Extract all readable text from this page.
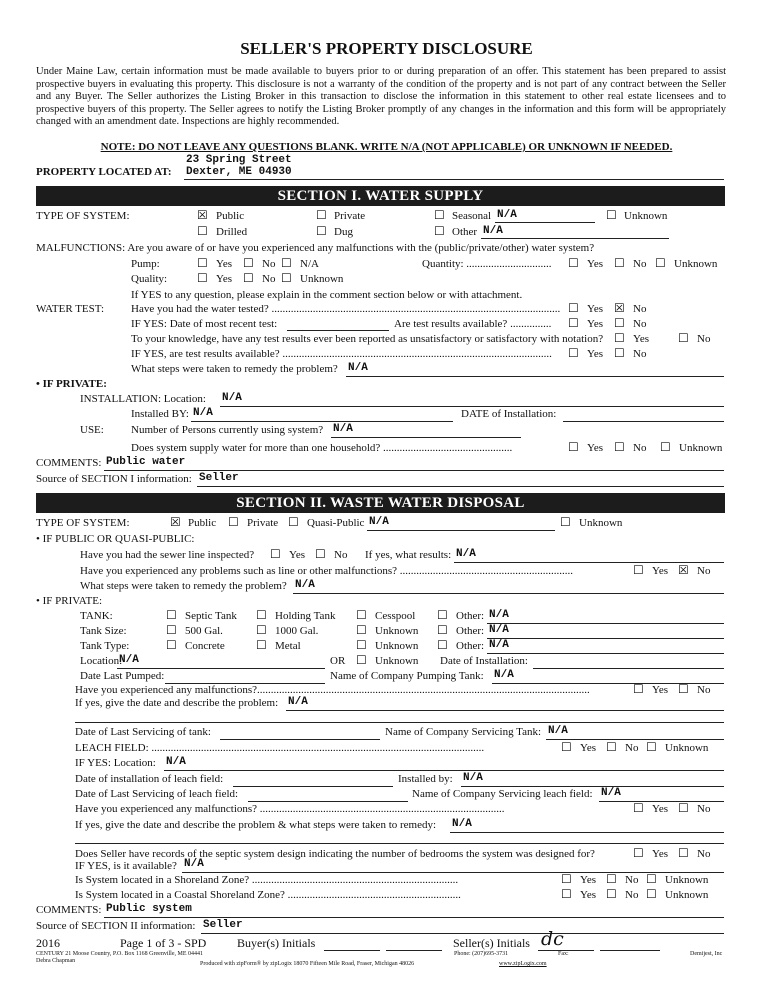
SELLER'S PROPERTY DISCLOSURE
Under Maine Law, certain information must be made available to buyers prior to or during preparation of an offer. This statement has been prepared to assist prospective buyers in evaluating this property. This disclosure is not a warranty of the condition of the property and is not part of any contract between the Seller and any Buyer. The Seller authorizes the Listing Broker in this transaction to disclose the information in this statement to other real estate licensees and to prospective buyers of this property. The Seller agrees to notify the Listing Broker promptly of any changes in the information and this form will be appropriately changed with an amendment date. Inspections are highly recommended.
NOTE: DO NOT LEAVE ANY QUESTIONS BLANK. WRITE N/A (NOT APPLICABLE) OR UNKNOWN IF NEEDED.
23 Spring Street
PROPERTY LOCATED AT: Dexter, ME 04930
SECTION I. WATER SUPPLY
TYPE OF SYSTEM:	☒ Public	☐ Private	☐ Seasonal N/A	☐ Unknown
☐ Drilled	☐ Dug	☐ Other N/A
MALFUNCTIONS: Are you aware of or have you experienced any malfunctions with the (public/private/other) water system?
Pump:	☐ Yes ☐ No ☐ N/A	Quantity: ............................... ☐ Yes ☐ No ☐ Unknown
Quality: ☐ Yes ☐ No ☐ Unknown
If YES to any question, please explain in the comment section below or with attachment.
WATER TEST: Have you had the water tested? ......................................................................................................... ☐ Yes ☒ No
IF YES: Date of most recent test:	Are test results available? ............... ☐ Yes ☐ No
To your knowledge, have any test results ever been reported as unsatisfactory or satisfactory with notation? ☐ Yes ☐ No
IF YES, are test results available? .................................................................................................. ☐ Yes ☐ No
What steps were taken to remedy the problem? N/A
• IF PRIVATE:
INSTALLATION: Location: N/A
Installed BY: N/A	DATE of Installation:
USE: Number of Persons currently using system? N/A
Does system supply water for more than one household? ...............................................	☐ Yes ☐ No ☐ Unknown
COMMENTS: Public water
Source of SECTION I information: Seller
SECTION II. WASTE WATER DISPOSAL
TYPE OF SYSTEM:	☒ Public ☐ Private ☐ Quasi-Public N/A	☐ Unknown
• IF PUBLIC OR QUASI-PUBLIC:
Have you had the sewer line inspected? ☐ Yes ☐ No If yes, what results: N/A
Have you experienced any problems such as line or other malfunctions? ...............................................................	☐ Yes ☒ No
What steps were taken to remedy the problem? N/A
• IF PRIVATE:
TANK:	☐ Septic Tank ☐ Holding Tank ☐ Cesspool ☐ Other: N/A
Tank Size:	☐ 500 Gal.	☐ 1000 Gal.	☐ Unknown ☐ Other: N/A
Tank Type:	☐ Concrete	☐ Metal	☐ Unknown ☐ Other: N/A
Location:
N/A	OR ☐ Unknown Date of Installation:
Date Last Pumped:	Name of Company Pumping Tank: N/A
Have you experienced any malfunctions?.........................................................................................................................	☐ Yes ☐ No
If yes, give the date and describe the problem: N/A
Date of Last Servicing of tank:	Name of Company Servicing Tank: N/A
LEACH FIELD: .........................................................................................................................	☐ Yes ☐ No ☐ Unknown
IF YES: Location: N/A
Date of installation of leach field:	Installed by: N/A
Date of Last Servicing of leach field:	Name of Company Servicing leach field: N/A
Have you experienced any malfunctions? .........................................................................................	☐ Yes ☐ No
If yes, give the date and describe the problem & what steps were taken to remedy: N/A
Does Seller have records of the septic system design indicating the number of bedrooms the system was designed for?	☐ Yes ☐ No
IF YES, is it available? N/A
Is System located in a Shoreland Zone? ...........................................................................	☐ Yes ☐ No ☐ Unknown
Is System located in a Coastal Shoreland Zone? ...............................................................	☐ Yes ☐ No ☐ Unknown
COMMENTS: Public system
Source of SECTION II information: Seller
2016	Page 1 of 3 - SPD	Buyer(s) Initials	Seller(s) Initials dc
CENTURY 21 Moose Country, P.O. Box 1168 Greenville, ME 04441
Debra Chapman
Phone: (207)695-3731	Fax:	Demijest, Inc
Produced with zipForm® by zipLogix 18070 Fifteen Mile Road, Fraser, Michigan 48026	www.zipLogix.com
